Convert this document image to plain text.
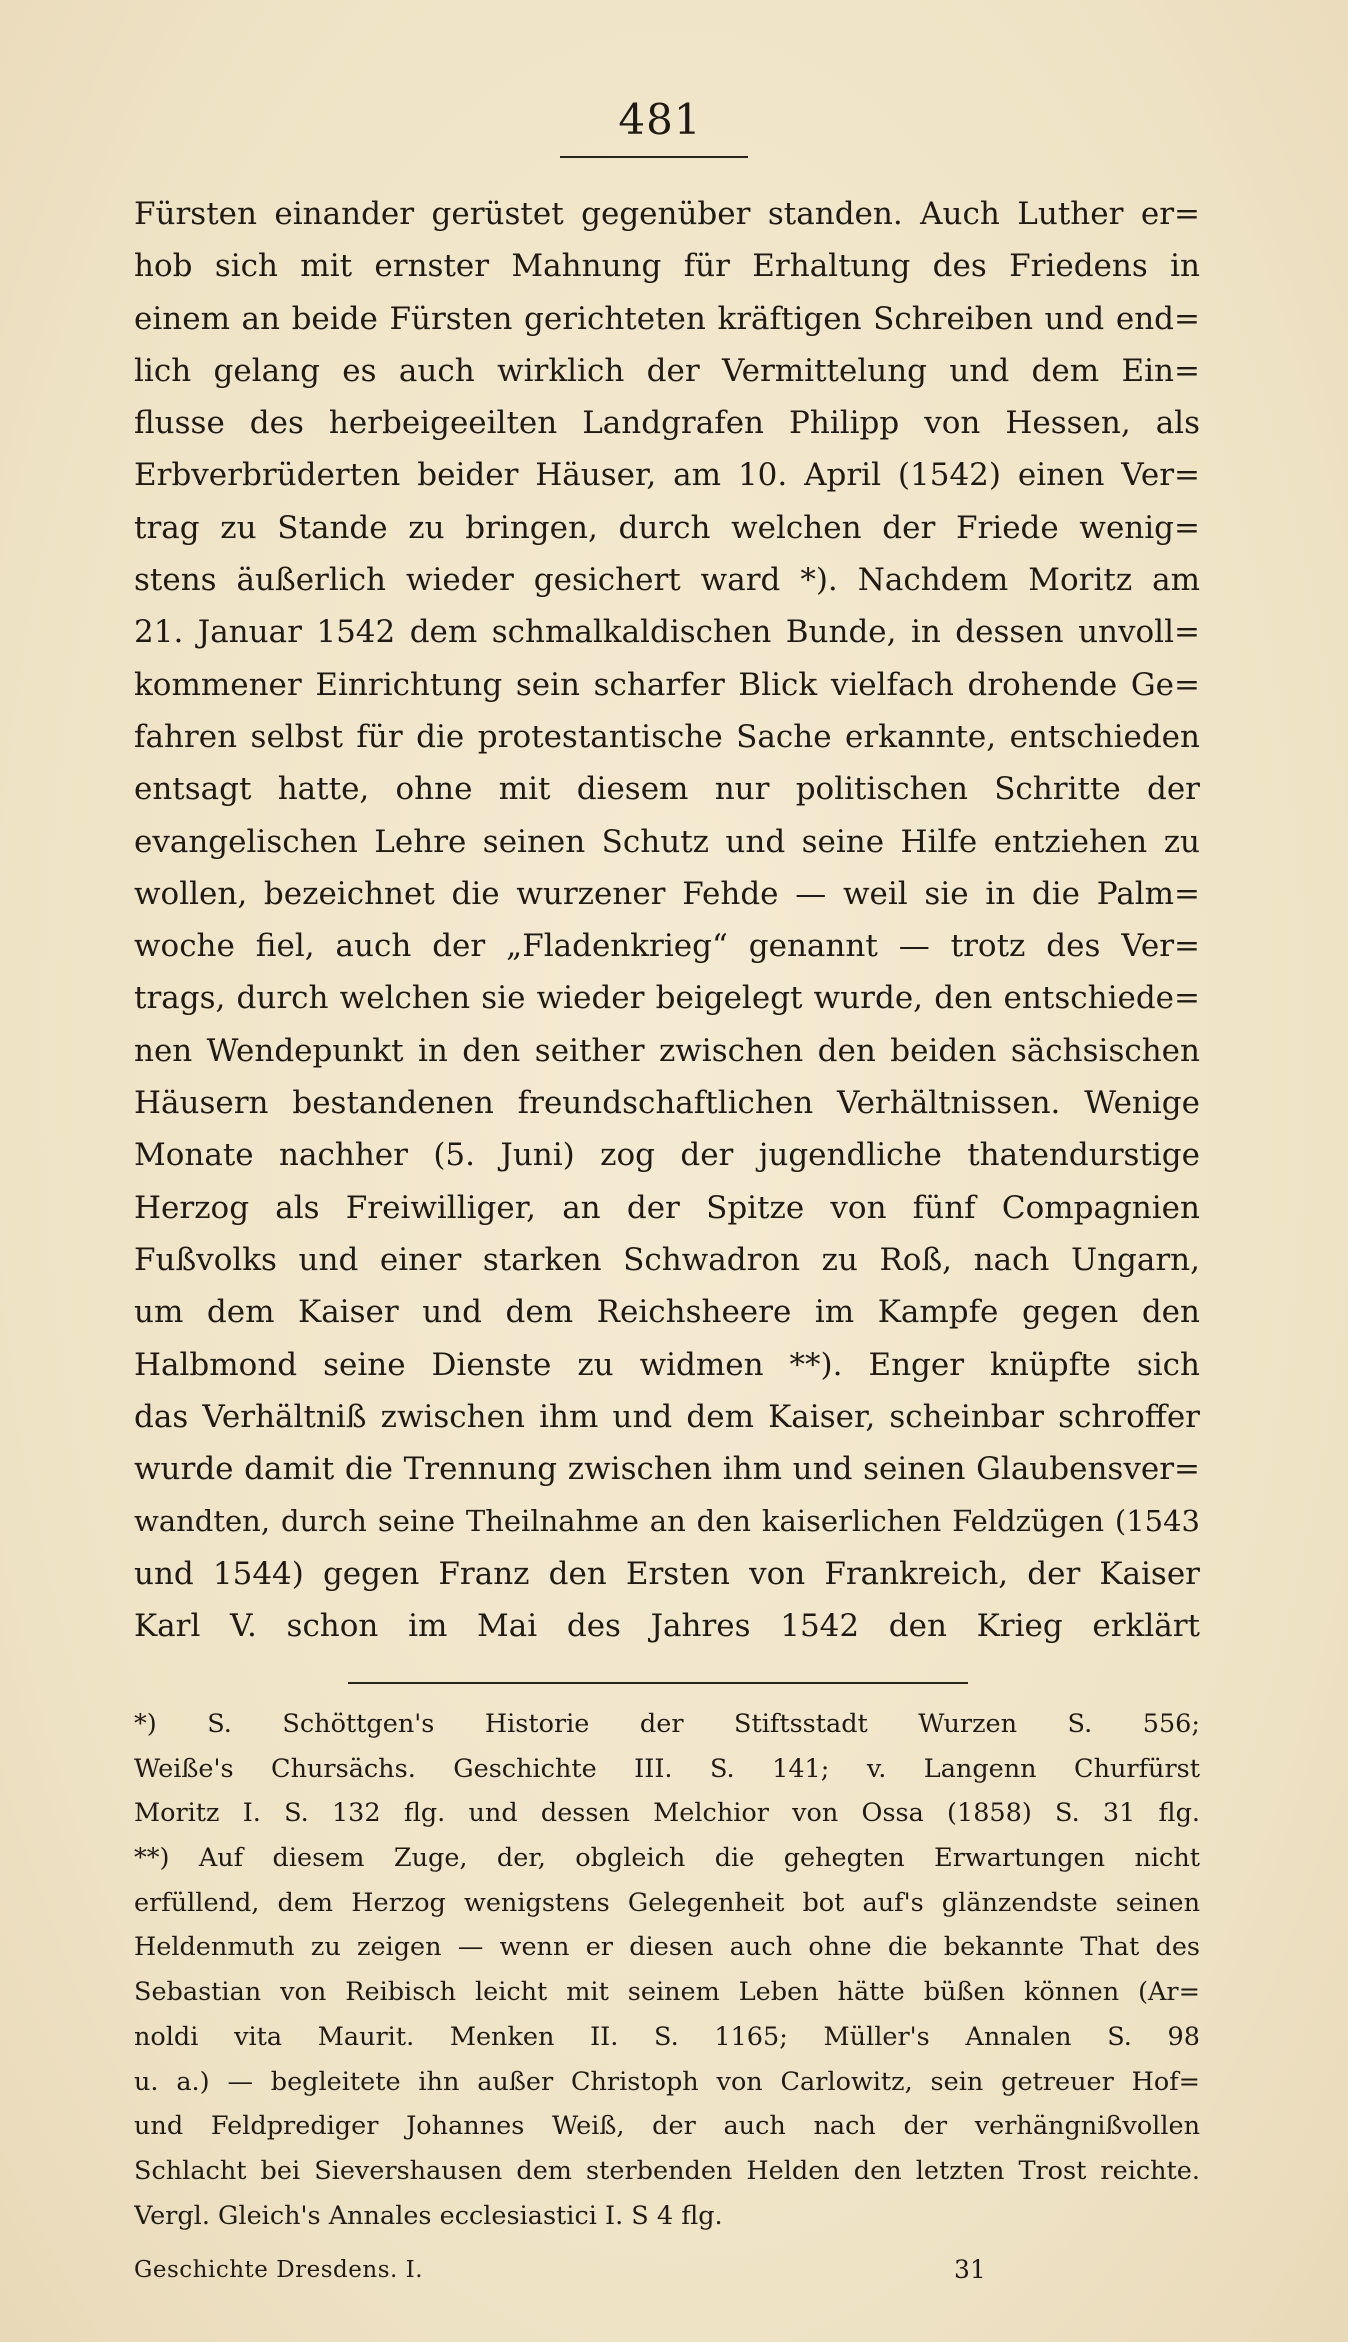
481
Fürsten einander gerüstet gegenüber standen. Auch Luther er=
hob sich mit ernster Mahnung für Erhaltung des Friedens in
einem an beide Fürsten gerichteten kräftigen Schreiben und end=
lich gelang es auch wirklich der Vermittelung und dem Ein=
flusse des herbeigeeilten Landgrafen Philipp von Hessen, als
Erbverbrüderten beider Häuser, am 10. April (1542) einen Ver=
trag zu Stande zu bringen, durch welchen der Friede wenig=
stens äußerlich wieder gesichert ward *). Nachdem Moritz am
21. Januar 1542 dem schmalkaldischen Bunde, in dessen unvoll=
kommener Einrichtung sein scharfer Blick vielfach drohende Ge=
fahren selbst für die protestantische Sache erkannte, entschieden
entsagt hatte, ohne mit diesem nur politischen Schritte der
evangelischen Lehre seinen Schutz und seine Hilfe entziehen zu
wollen, bezeichnet die wurzener Fehde — weil sie in die Palm=
woche fiel, auch der „Fladenkrieg“ genannt — trotz des Ver=
trags, durch welchen sie wieder beigelegt wurde, den entschiede=
nen Wendepunkt in den seither zwischen den beiden sächsischen
Häusern bestandenen freundschaftlichen Verhältnissen. Wenige
Monate nachher (5. Juni) zog der jugendliche thatendurstige
Herzog als Freiwilliger, an der Spitze von fünf Compagnien
Fußvolks und einer starken Schwadron zu Roß, nach Ungarn,
um dem Kaiser und dem Reichsheere im Kampfe gegen den
Halbmond seine Dienste zu widmen **). Enger knüpfte sich
das Verhältniß zwischen ihm und dem Kaiser, scheinbar schroffer
wurde damit die Trennung zwischen ihm und seinen Glaubensver=
wandten, durch seine Theilnahme an den kaiserlichen Feldzügen (1543
und 1544) gegen Franz den Ersten von Frankreich, der Kaiser
Karl V. schon im Mai des Jahres 1542 den Krieg erklärt
*) S. Schöttgen's Historie der Stiftsstadt Wurzen S. 556;
Weiße's Chursächs. Geschichte III. S. 141; v. Langenn Churfürst
Moritz I. S. 132 flg. und dessen Melchior von Ossa (1858) S. 31 flg.
**) Auf diesem Zuge, der, obgleich die gehegten Erwartungen nicht
erfüllend, dem Herzog wenigstens Gelegenheit bot auf's glänzendste seinen
Heldenmuth zu zeigen — wenn er diesen auch ohne die bekannte That des
Sebastian von Reibisch leicht mit seinem Leben hätte büßen können (Ar=
noldi vita Maurit. Menken II. S. 1165; Müller's Annalen S. 98
u. a.) — begleitete ihn außer Christoph von Carlowitz, sein getreuer Hof=
und Feldprediger Johannes Weiß, der auch nach der verhängnißvollen
Schlacht bei Sievershausen dem sterbenden Helden den letzten Trost reichte.
Vergl. Gleich's Annales ecclesiastici I. S 4 flg.
Geschichte Dresdens. I.	31
